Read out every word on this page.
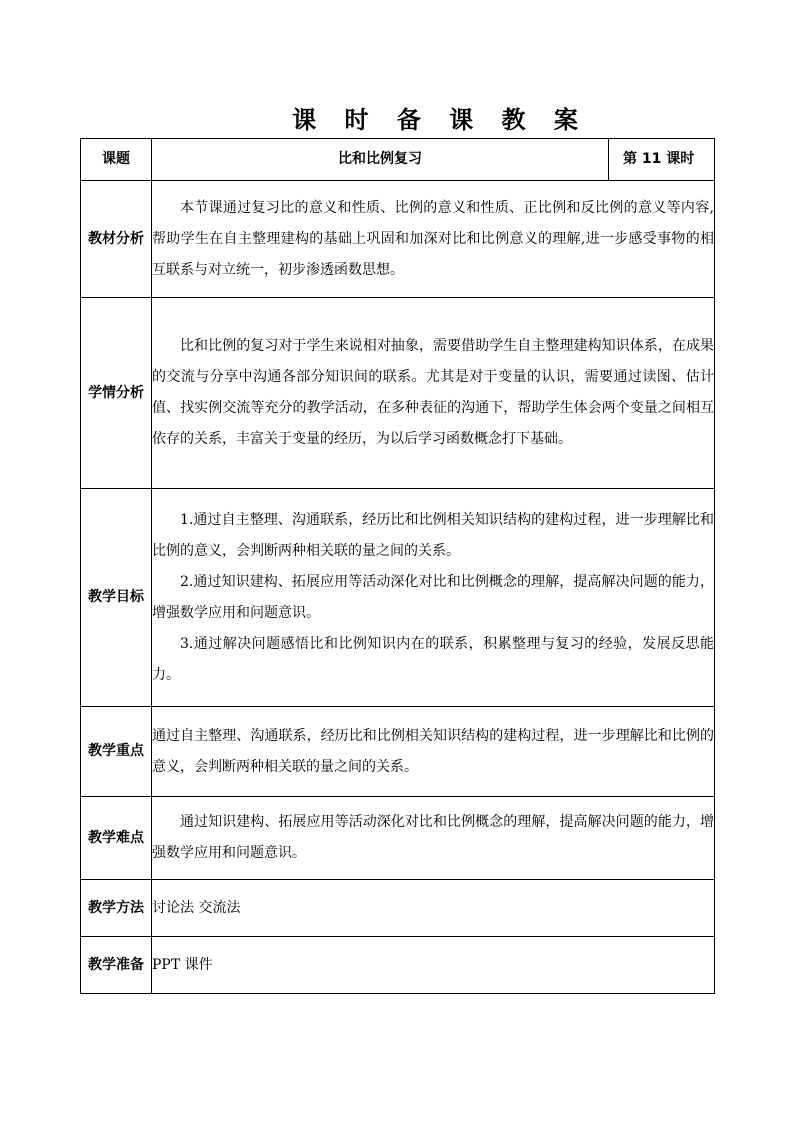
课 时 备 课 教 案
课题	比和比例复习	第 11 课时
教材分析	本节课通过复习比的意义和性质、比例的意义和性质、正比例和反比例的意义等内容,帮助学生在自主整理建构的基础上巩固和加深对比和比例意义的理解,进一步感受事物的相互联系与对立统一，初步渗透函数思想。	

学情分析	比和比例的复习对于学生来说相对抽象，需要借助学生自主整理建构知识体系，在成果的交流与分享中沟通各部分知识间的联系。尤其是对于变量的认识，需要通过读图、估计值、找实例交流等充分的教学活动，在多种表征的沟通下，帮助学生体会两个变量之间相互依存的关系，丰富关于变量的经历，为以后学习函数概念打下基础。	

教学目标	1.通过自主整理、沟通联系，经历比和比例相关知识结构的建构过程，进一步理解比和比例的意义，会判断两种相关联的量之间的关系。

2.通过知识建构、拓展应用等活动深化对比和比例概念的理解，提高解决问题的能力，增强数学应用和问题意识。

3.通过解决问题感悟比和比例知识内在的联系，积累整理与复习的经验，发展反思能力。	

教学重点	通过自主整理、沟通联系，经历比和比例相关知识结构的建构过程，进一步理解比和比例的意义，会判断两种相关联的量之间的关系。	

教学难点	通过知识建构、拓展应用等活动深化对比和比例概念的理解，提高解决问题的能力，增强数学应用和问题意识。	

教学方法	讨论法 交流法	

教学准备	PPT 课件	
